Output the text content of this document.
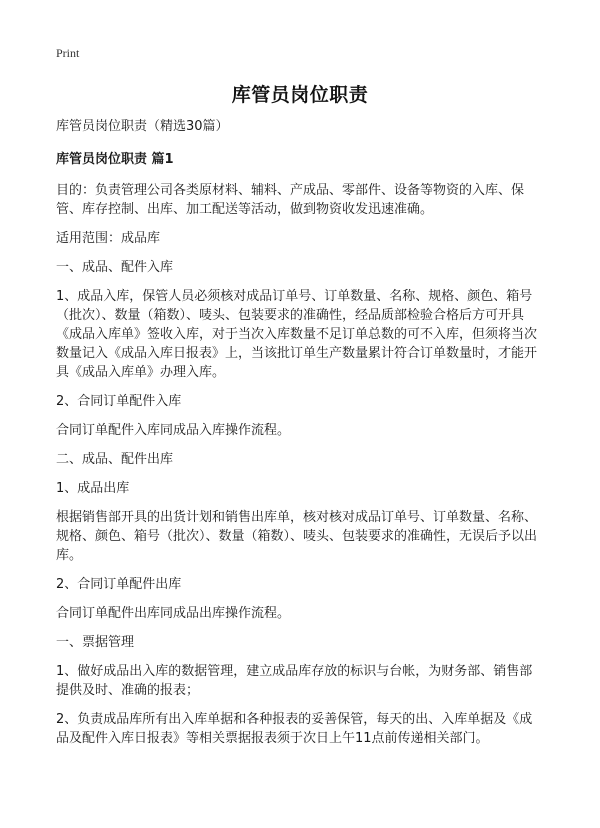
Print
库管员岗位职责

库管员岗位职责（精选30篇）

库管员岗位职责 篇1

目的：负责管理公司各类原材料、辅料、产成品、零部件、设备等物资的入库、保管、库存控制、出库、加工配送等活动，做到物资收发迅速准确。

适用范围：成品库

一、成品、配件入库

1、成品入库，保管人员必须核对成品订单号、订单数量、名称、规格、颜色、箱号（批次）、数量（箱数）、唛头、包装要求的准确性，经品质部检验合格后方可开具《成品入库单》签收入库，对于当次入库数量不足订单总数的可不入库，但须将当次数量记入《成品入库日报表》上，当该批订单生产数量累计符合订单数量时，才能开具《成品入库单》办理入库。

2、合同订单配件入库

合同订单配件入库同成品入库操作流程。

二、成品、配件出库

1、成品出库

根据销售部开具的出货计划和销售出库单，核对核对成品订单号、订单数量、名称、规格、颜色、箱号（批次）、数量（箱数）、唛头、包装要求的准确性，无误后予以出库。

2、合同订单配件出库

合同订单配件出库同成品出库操作流程。

一、票据管理

1、做好成品出入库的数据管理，建立成品库存放的标识与台帐，为财务部、销售部提供及时、准确的报表；

2、负责成品库所有出入库单据和各种报表的妥善保管，每天的出、入库单据及《成品及配件入库日报表》等相关票据报表须于次日上午11点前传递相关部门。
